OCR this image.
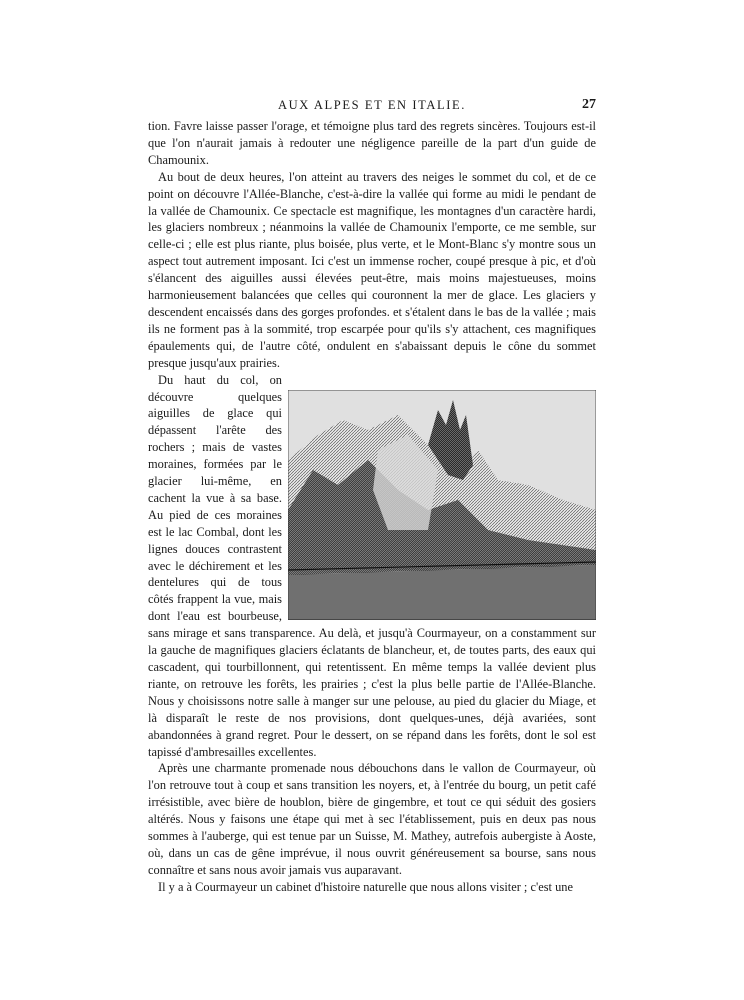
AUX ALPES ET EN ITALIE.	27

tion. Favre laisse passer l'orage, et témoigne plus tard des regrets sincères. Toujours est-il que l'on n'aurait jamais à redouter une négligence pareille de la part d'un guide de Chamounix.

Au bout de deux heures, l'on atteint au travers des neiges le sommet du col, et de ce point on découvre l'Allée-Blanche, c'est-à-dire la vallée qui forme au midi le pendant de la vallée de Chamounix. Ce spectacle est magnifique, les montagnes d'un caractère hardi, les glaciers nombreux ; néanmoins la vallée de Chamounix l'emporte, ce me semble, sur celle-ci ; elle est plus riante, plus boisée, plus verte, et le Mont-Blanc s'y montre sous un aspect tout autrement imposant. Ici c'est un immense rocher, coupé presque à pic, et d'où s'élancent des aiguilles aussi élevées peut-être, mais moins majestueuses, moins harmonieusement balancées que celles qui couronnent la mer de glace. Les glaciers y descendent encaissés dans des gorges profondes. et s'étalent dans le bas de la vallée ; mais ils ne forment pas à la sommité, trop escarpée pour qu'ils s'y attachent, ces magnifiques épaulements qui, de l'autre côté, ondulent en s'abaissant depuis le cône du sommet presque jusqu'aux prairies.

Du haut du col, on découvre quelques aiguilles de glace qui dépassent l'arête des rochers ; mais de vastes moraines, formées par le glacier lui-même, en cachent la vue à sa base. Au pied de ces moraines est le lac Combal, dont les lignes douces contrastent avec le déchirement et les dentelures qui de tous côtés frappent la vue, mais dont l'eau est bourbeuse, sans mirage et sans transparence. Au delà, et jusqu'à Courmayeur, on a constamment sur la gauche de magnifiques glaciers éclatants de blancheur, et, de toutes parts, des eaux qui cascadent, qui tourbillonnent, qui retentissent. En même temps la vallée devient plus riante, on retrouve les forêts, les prairies ; c'est la plus belle partie de l'Allée-Blanche. Nous y choisissons notre salle à manger sur une pelouse, au pied du glacier du Miage, et là disparaît le reste de nos provisions, dont quelques-unes, déjà avariées, sont abandonnées à grand regret. Pour le dessert, on se répand dans les forêts, dont le sol est tapissé d'ambresailles excellentes.

Après une charmante promenade nous débouchons dans le vallon de Courmayeur, où l'on retrouve tout à coup et sans transition les noyers, et, à l'entrée du bourg, un petit café irrésistible, avec bière de houblon, bière de gingembre, et tout ce qui séduit des gosiers altérés. Nous y faisons une étape qui met à sec l'établissement, puis en deux pas nous sommes à l'auberge, qui est tenue par un Suisse, M. Mathey, autrefois aubergiste à Aoste, où, dans un cas de gêne imprévue, il nous ouvrit généreusement sa bourse, sans nous connaître et sans nous avoir jamais vus auparavant.

Il y a à Courmayeur un cabinet d'histoire naturelle que nous allons visiter ; c'est une
